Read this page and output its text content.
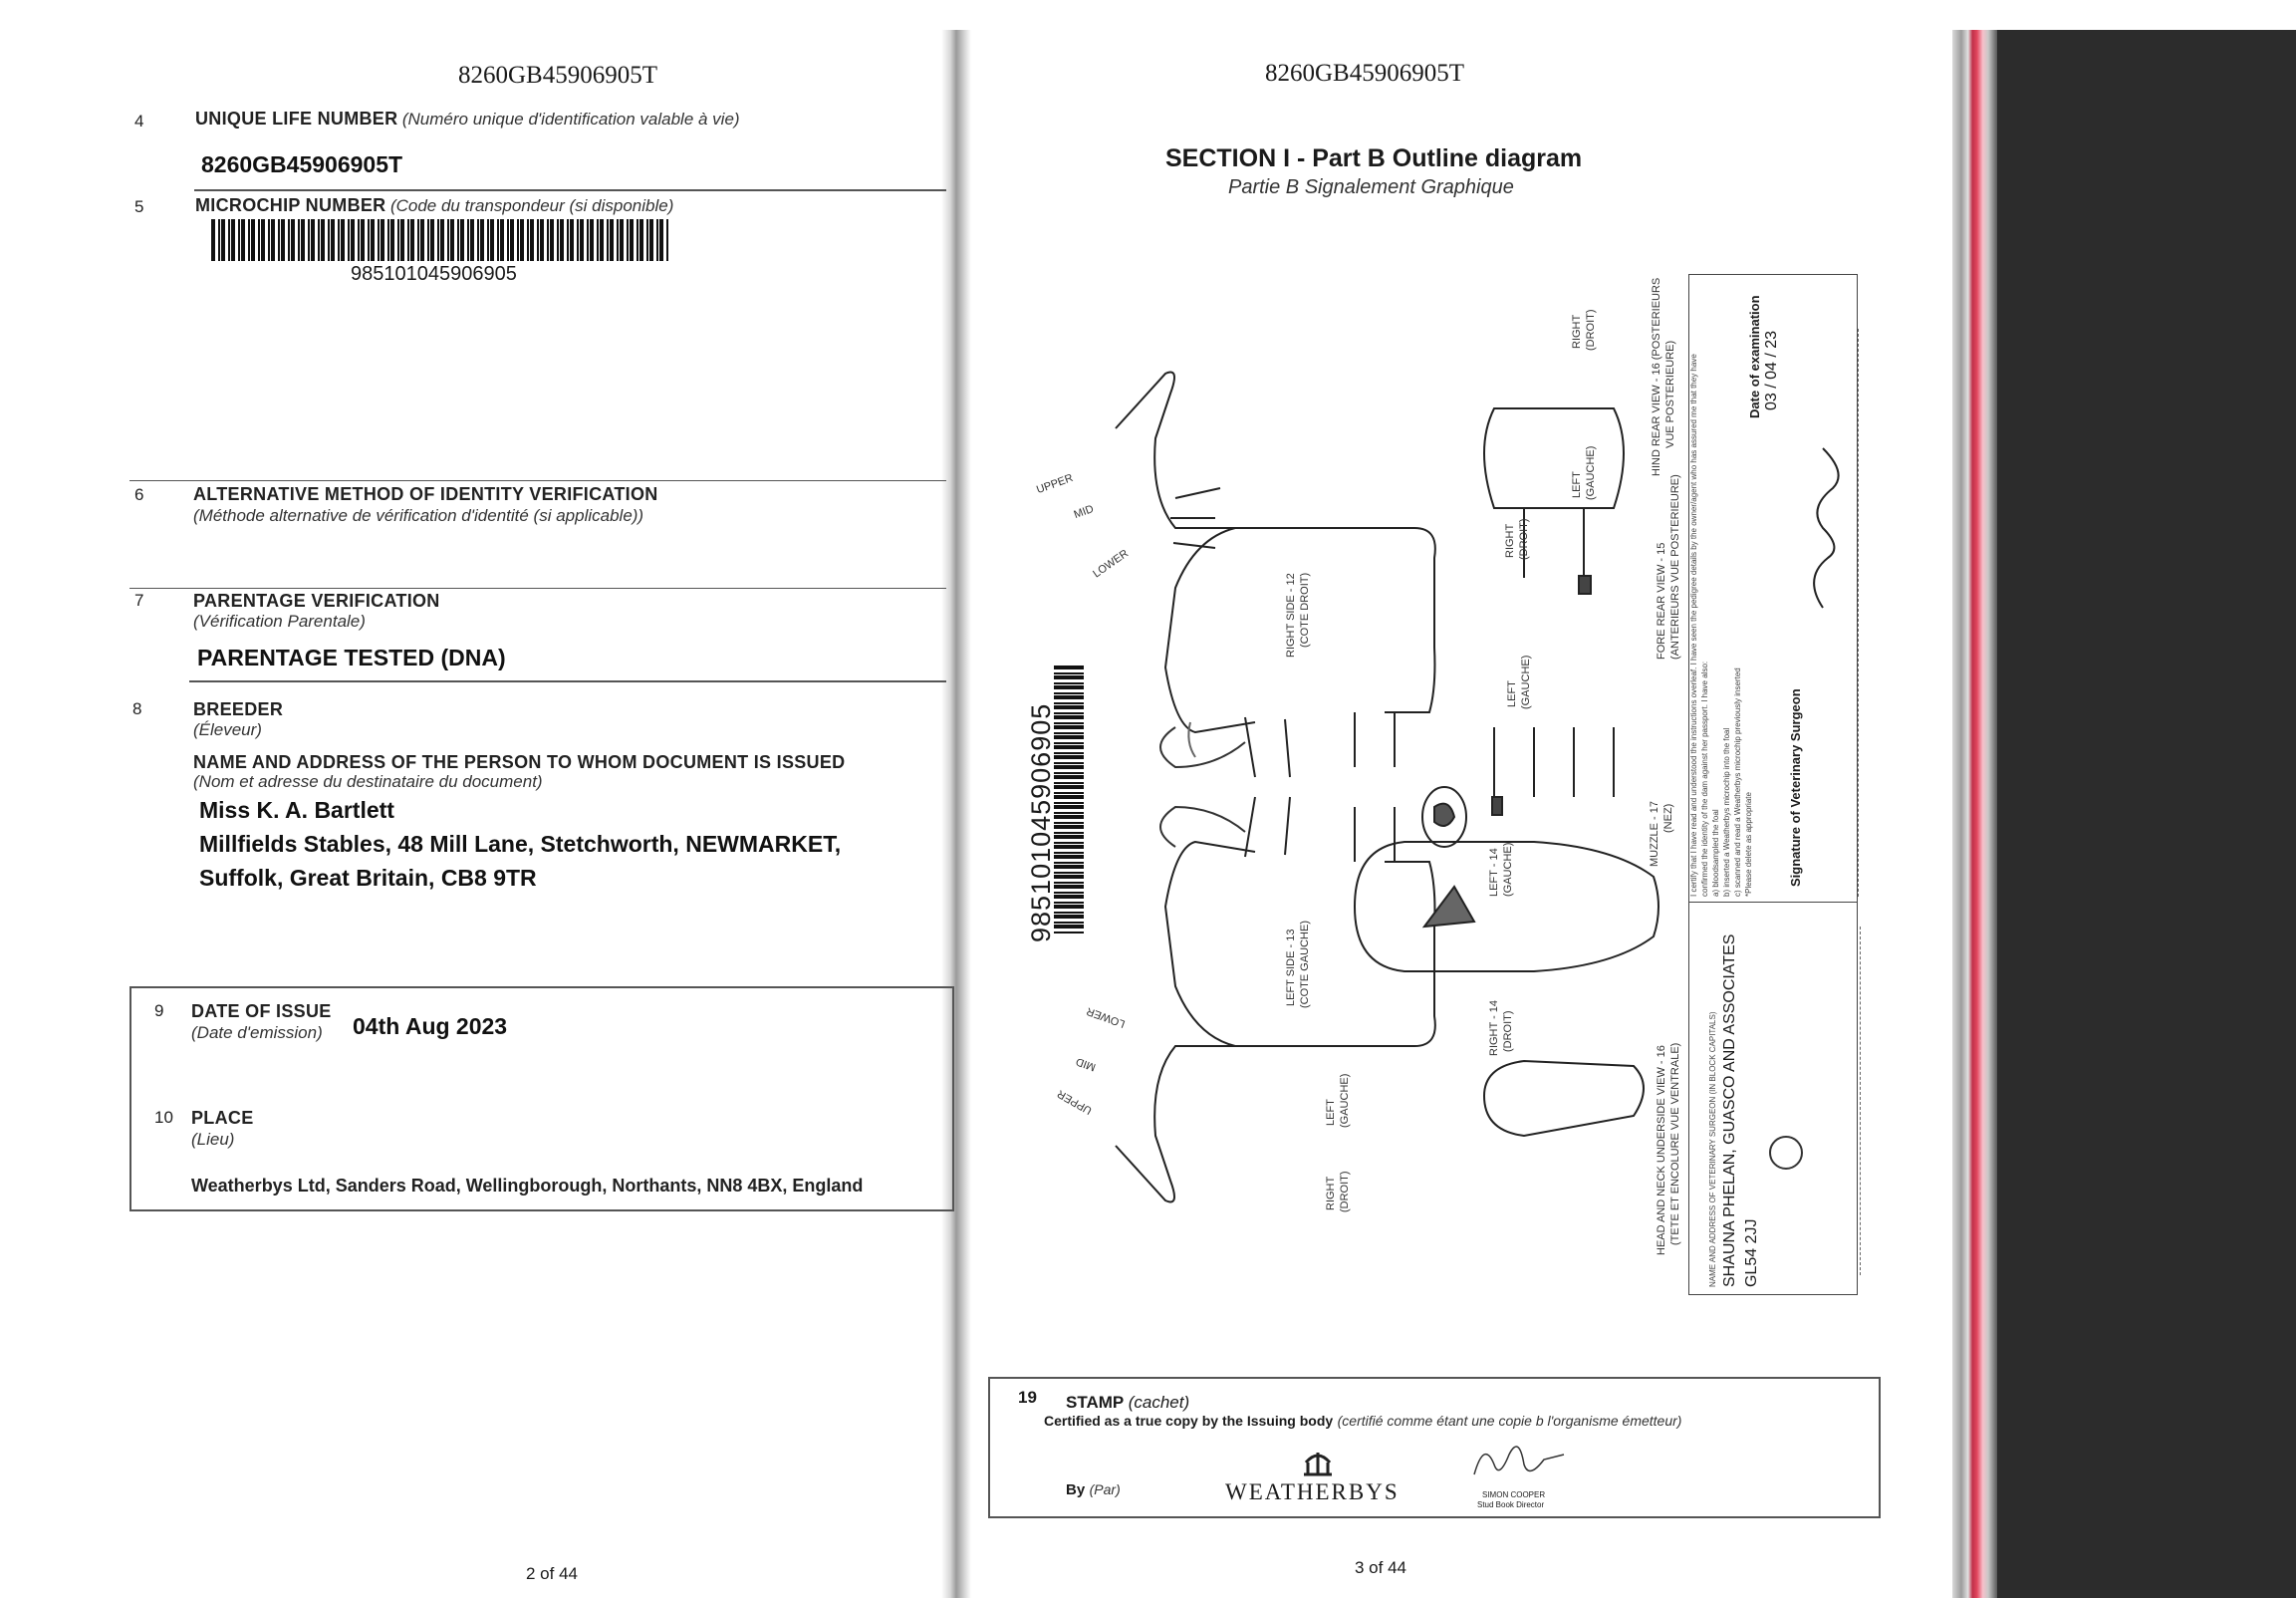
8260GB45906905T
4	UNIQUE LIFE NUMBER (Numéro unique d'identification valable à vie)
8260GB45906905T
5	MICROCHIP NUMBER (Code du transpondeur (si disponible)
985101045906905
6	ALTERNATIVE METHOD OF IDENTITY VERIFICATION
(Méthode alternative de vérification d'identité (si applicable))
7	PARENTAGE VERIFICATION
(Vérification Parentale)
PARENTAGE TESTED (DNA)
8	BREEDER
(Éleveur)
NAME AND ADDRESS OF THE PERSON TO WHOM DOCUMENT IS ISSUED
(Nom et adresse du destinataire du document)
Miss K. A. Bartlett
Millfields Stables, 48 Mill Lane, Stetchworth, NEWMARKET,
Suffolk, Great Britain, CB8 9TR
9 DATE OF ISSUE
(Date d'emission) 04th Aug 2023
10 PLACE
(Lieu)
Weatherbys Ltd, Sanders Road, Wellingborough, Northants, NN8 4BX, England
2 of 44
8260GB45906905T
SECTION I - Part B Outline diagram
Partie B Signalement Graphique
985101045906905
UPPER
MID
LOWER
LOWER
MID
UPPER
RIGHT SIDE - 12 (COTE DROIT)
LEFT SIDE - 13 (COTE GAUCHE)
LEFT - 14 (GAUCHE)
RIGHT - 14 (DROIT)
MUZZLE - 17 (NEZ)
RIGHT (DROIT)
LEFT (GAUCHE)
RIGHT (DROIT)
LEFT (GAUCHE)
FORE REAR VIEW - 15 (ANTERIEURS VUE POSTERIEURE)
HIND REAR VIEW - 16 (POSTERIEURS VUE POSTERIEURE)
HEAD AND NECK UNDERSIDE VIEW - 16 (TETE ET ENCOLURE VUE VENTRALE)
LEFT (GAUCHE)
RIGHT (DROIT)	NAME AND ADDRESS OF VETERINARY SURGEON (IN BLOCK CAPITALS) SHAUNA PHELAN, GUASCO AND ASSOCIATES GL54 2JJ
Signature of Veterinary Surgeon
I certify that I have read and understood the instructions overleaf. I have seen the pedigree details by the owner/agent who has assured me that they have confirmed the identity of the dam against her passport. I have also: a) bloodsampled the foal b) inserted a Weatherbys microchip into the foal c) scanned and read a Weatherbys microchip previously inserted *Please delete as appropriate
Date of examination 03 / 04 / 23
19 STAMP (cachet)
Certified as a true copy by the Issuing body (certifié comme étant une copie b l'organisme émetteur)
By (Par)	WEATHERBYS	SIMON COOPER
Stud Book Director
3 of 44
